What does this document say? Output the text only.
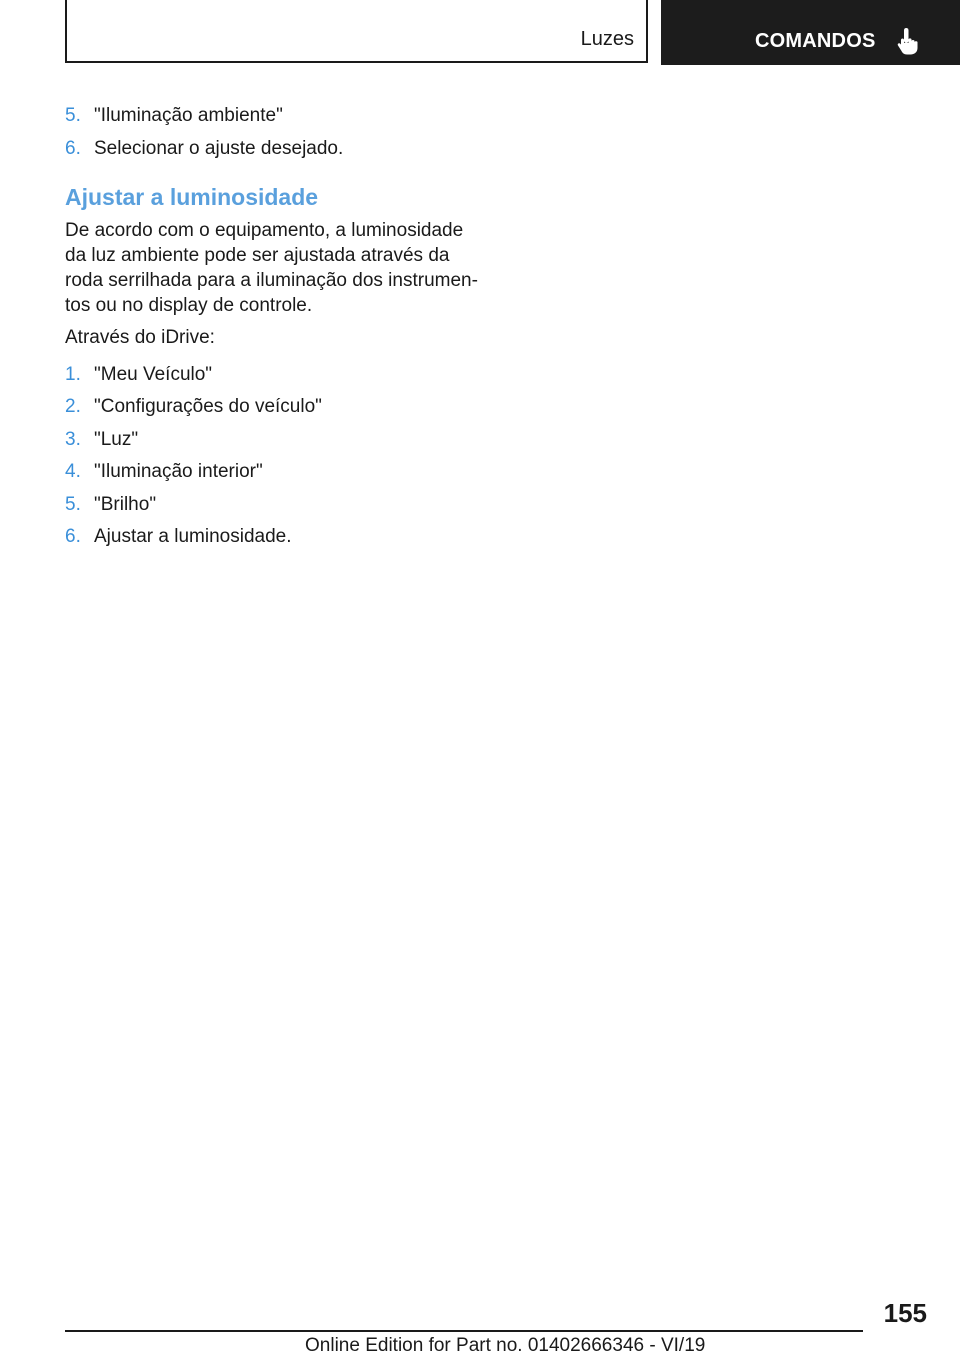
Luzes	COMANDOS
5. "Iluminação ambiente"
6. Selecionar o ajuste desejado.
Ajustar a luminosidade

De acordo com o equipamento, a luminosidade
da luz ambiente pode ser ajustada através da
roda serrilhada para a iluminação dos instrumen-
tos ou no display de controle.

Através do iDrive:

1. "Meu Veículo"
2. "Configurações do veículo"
3. "Luz"
4. "Iluminação interior"
5. "Brilho"
6. Ajustar a luminosidade.
155
Online Edition for Part no. 01402666346 - VI/19
